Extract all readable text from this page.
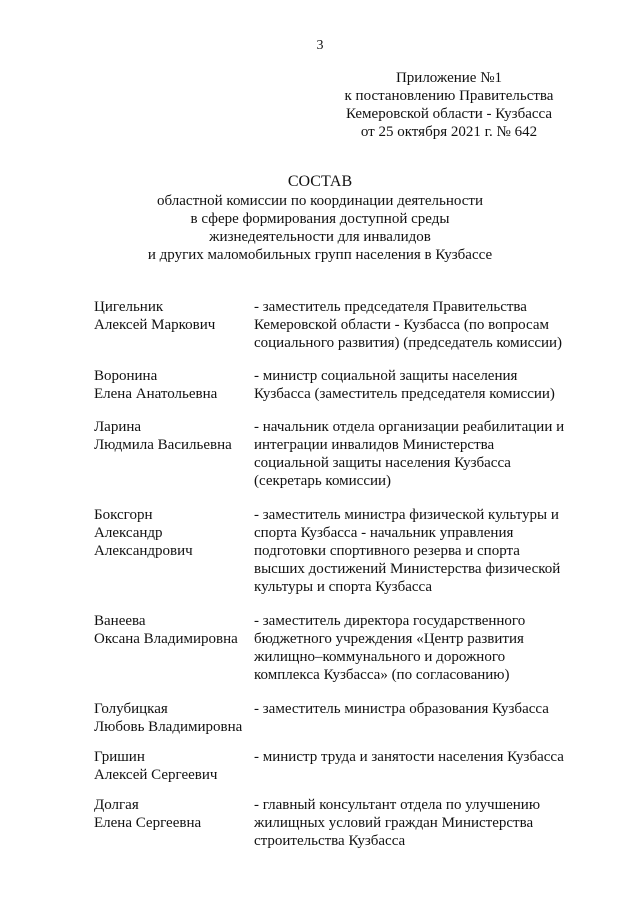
3
Приложение №1
к постановлению Правительства
Кемеровской области - Кузбасса
от 25 октября 2021 г. № 642
СОСТАВ
областной комиссии по координации деятельности
в сфере формирования доступной среды
жизнедеятельности для инвалидов
и других маломобильных групп населения в Кузбассе
Цигельник
Алексей Маркович
- заместитель председателя Правительства
Кемеровской области - Кузбасса (по вопросам
социального развития) (председатель комиссии)
Воронина
Елена Анатольевна
- министр социальной защиты населения
Кузбасса (заместитель председателя комиссии)
Ларина
Людмила Васильевна
- начальник отдела организации реабилитации и
интеграции инвалидов Министерства
социальной защиты населения Кузбасса
(секретарь комиссии)
Боксгорн
Александр
Александрович
- заместитель министра физической культуры и
спорта Кузбасса - начальник управления
подготовки спортивного резерва и спорта
высших достижений Министерства физической
культуры и спорта Кузбасса
Ванеева
Оксана Владимировна
- заместитель директора государственного
бюджетного учреждения «Центр развития
жилищно–коммунального и дорожного
комплекса Кузбасса» (по согласованию)
Голубицкая
Любовь Владимировна
- заместитель министра образования Кузбасса
Гришин
Алексей Сергеевич
- министр труда и занятости населения Кузбасса
Долгая
Елена Сергеевна
- главный консультант отдела по улучшению
жилищных условий граждан Министерства
строительства Кузбасса
